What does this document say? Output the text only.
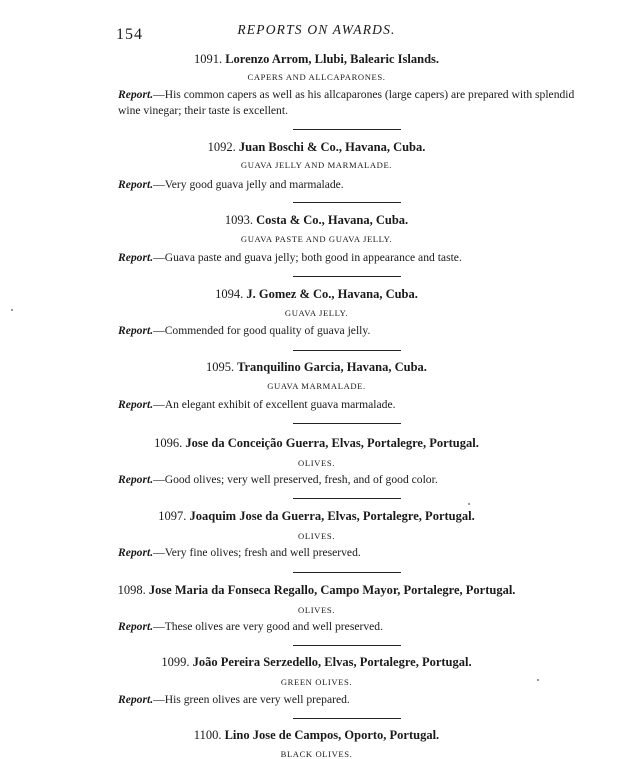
154	REPORTS ON AWARDS.
1091. Lorenzo Arrom, Llubi, Balearic Islands.
CAPERS AND ALLCAPARONES.
Report.—His common capers as well as his allcaparones (large capers) are prepared with splendid wine vinegar; their taste is excellent.
1092. Juan Boschi & Co., Havana, Cuba.
GUAVA JELLY AND MARMALADE.
Report.—Very good guava jelly and marmalade.
1093. Costa & Co., Havana, Cuba.
GUAVA PASTE AND GUAVA JELLY.
Report.—Guava paste and guava jelly; both good in appearance and taste.
1094. J. Gomez & Co., Havana, Cuba.
GUAVA JELLY.
Report.—Commended for good quality of guava jelly.
1095. Tranquilino Garcia, Havana, Cuba.
GUAVA MARMALADE.
Report.—An elegant exhibit of excellent guava marmalade.
1096. Jose da Conceição Guerra, Elvas, Portalegre, Portugal.
OLIVES.
Report.—Good olives; very well preserved, fresh, and of good color.
1097. Joaquim Jose da Guerra, Elvas, Portalegre, Portugal.
OLIVES.
Report.—Very fine olives; fresh and well preserved.
1098. Jose Maria da Fonseca Regallo, Campo Mayor, Portalegre, Portugal.
OLIVES.
Report.—These olives are very good and well preserved.
1099. João Pereira Serzedello, Elvas, Portalegre, Portugal.
GREEN OLIVES.
Report.—His green olives are very well prepared.
1100. Lino Jose de Campos, Oporto, Portugal.
BLACK OLIVES.
